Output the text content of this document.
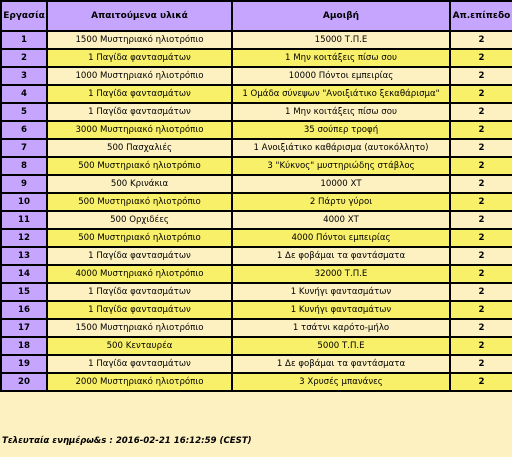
Εργασία	Απαιτούμενα υλικά	Αμοιβή	Απ.επίπεδο
1	1500 Μυστηριακό ηλιοτρόπιο	15000 Τ.Π.Ε	2
2	1 Παγίδα φαντασμάτων	1 Μην κοιτάξεις πίσω σου	2
3	1000 Μυστηριακό ηλιοτρόπιο	10000 Πόντοι εμπειρίας	2
4	1 Παγίδα φαντασμάτων	1 Ομάδα σύνεψων "Ανοιξιάτικο ξεκαθάρισμα"	2
5	1 Παγίδα φαντασμάτων	1 Μην κοιτάξεις πίσω σου	2
6	3000 Μυστηριακό ηλιοτρόπιο	35 σούπερ τροφή	2
7	500 Πασχαλιές	1 Ανοιξιάτικο καθάρισμα (αυτοκόλλητο)	2
8	500 Μυστηριακό ηλιοτρόπιο	3 "Κύκνος" μυστηριώδης στάβλος	2
9	500 Κρινάκια	10000 ΧΤ	2
10	500 Μυστηριακό ηλιοτρόπιο	2 Πάρτυ γύροι	2
11	500 Ορχιδέες	4000 ΧΤ	2
12	500 Μυστηριακό ηλιοτρόπιο	4000 Πόντοι εμπειρίας	2
13	1 Παγίδα φαντασμάτων	1 Δε φοβάμαι τα φαντάσματα	2
14	4000 Μυστηριακό ηλιοτρόπιο	32000 Τ.Π.Ε	2
15	1 Παγίδα φαντασμάτων	1 Κυνήγι φαντασμάτων	2
16	1 Παγίδα φαντασμάτων	1 Κυνήγι φαντασμάτων	2
17	1500 Μυστηριακό ηλιοτρόπιο	1 τσάτνι καρότο-μήλο	2
18	500 Κενταυρέα	5000 Τ.Π.Ε	2
19	1 Παγίδα φαντασμάτων	1 Δε φοβάμαι τα φαντάσματα	2
20	2000 Μυστηριακό ηλιοτρόπιο	3 Χρυσές μπανάνες	2
Τελευταία ενημέρω&s : 2016-02-21 16:12:59 (CEST)
